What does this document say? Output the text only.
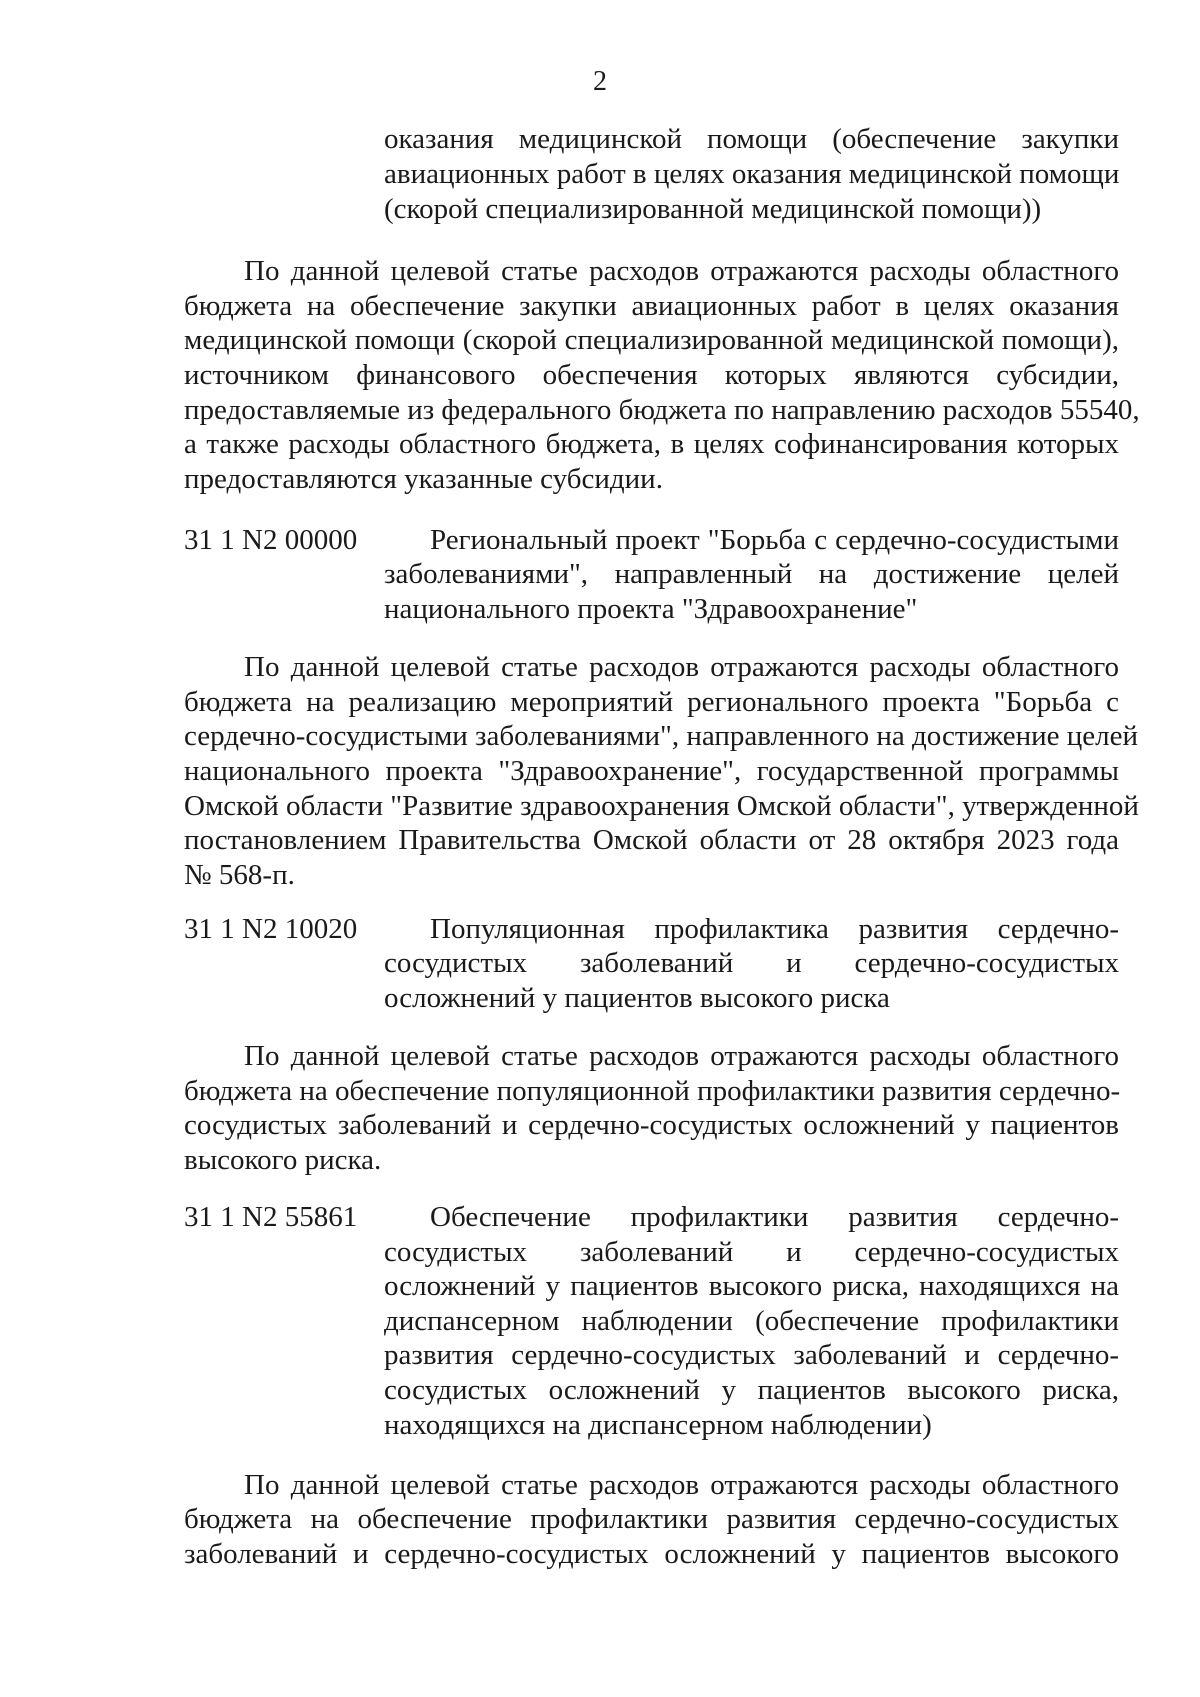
2
оказания медицинской помощи (обеспечение закупки
авиационных работ в целях оказания медицинской помощи
(скорой специализированной медицинской помощи))
По данной целевой статье расходов отражаются расходы областного
бюджета на обеспечение закупки авиационных работ в целях оказания
медицинской помощи (скорой специализированной медицинской помощи),
источником финансового обеспечения которых являются субсидии,
предоставляемые из федерального бюджета по направлению расходов 55540,
а также расходы областного бюджета, в целях софинансирования которых
предоставляются указанные субсидии.
31 1 N2 00000	Региональный проект "Борьба с сердечно-сосудистыми
заболеваниями", направленный на достижение целей
национального проекта "Здравоохранение"
По данной целевой статье расходов отражаются расходы областного
бюджета на реализацию мероприятий регионального проекта "Борьба с
сердечно-сосудистыми заболеваниями", направленного на достижение целей
национального проекта "Здравоохранение", государственной программы
Омской области "Развитие здравоохранения Омской области", утвержденной
постановлением Правительства Омской области от 28 октября 2023 года
№ 568-п.
31 1 N2 10020	Популяционная профилактика развития сердечно-
сосудистых заболеваний и сердечно-сосудистых
осложнений у пациентов высокого риска
По данной целевой статье расходов отражаются расходы областного
бюджета на обеспечение популяционной профилактики развития сердечно-
сосудистых заболеваний и сердечно-сосудистых осложнений у пациентов
высокого риска.
31 1 N2 55861	Обеспечение профилактики развития сердечно-
сосудистых заболеваний и сердечно-сосудистых
осложнений у пациентов высокого риска, находящихся на
диспансерном наблюдении (обеспечение профилактики
развития сердечно-сосудистых заболеваний и сердечно-
сосудистых осложнений у пациентов высокого риска,
находящихся на диспансерном наблюдении)
По данной целевой статье расходов отражаются расходы областного
бюджета на обеспечение профилактики развития сердечно-сосудистых
заболеваний и сердечно-сосудистых осложнений у пациентов высокого
